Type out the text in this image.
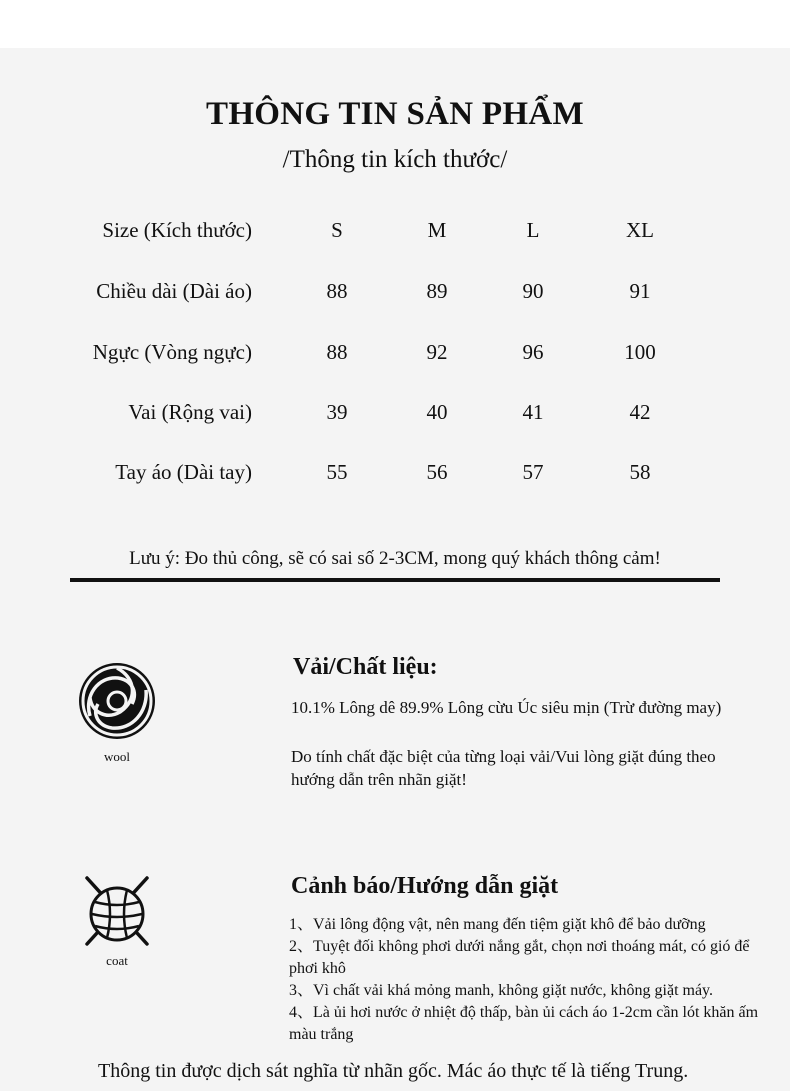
THÔNG TIN SẢN PHẨM
/Thông tin kích thước/
Size (Kích thước)	S	M	L	XL
Chiều dài (Dài áo)	88	89	90	91
Ngực (Vòng ngực)	88	92	96	100
Vai (Rộng vai)	39	40	41	42
Tay áo (Dài tay)	55	56	57	58
Lưu ý: Đo thủ công, sẽ có sai số 2-3CM, mong quý khách thông cảm!
wool
Vải/Chất liệu:
10.1% Lông dê 89.9% Lông cừu Úc siêu mịn (Trừ đường may)
Do tính chất đặc biệt của từng loại vải/Vui lòng giặt đúng theo hướng dẫn trên nhãn giặt!
coat
Cảnh báo/Hướng dẫn giặt
1、Vải lông động vật, nên mang đến tiệm giặt khô để bảo dưỡng
2、Tuyệt đối không phơi dưới nắng gắt, chọn nơi thoáng mát, có gió để phơi khô
3、Vì chất vải khá mỏng manh, không giặt nước, không giặt máy.
4、Là ủi hơi nước ở nhiệt độ thấp, bàn ủi cách áo 1-2cm cần lót khăn ấm màu trắng
Thông tin được dịch sát nghĩa từ nhãn gốc. Mác áo thực tế là tiếng Trung.
